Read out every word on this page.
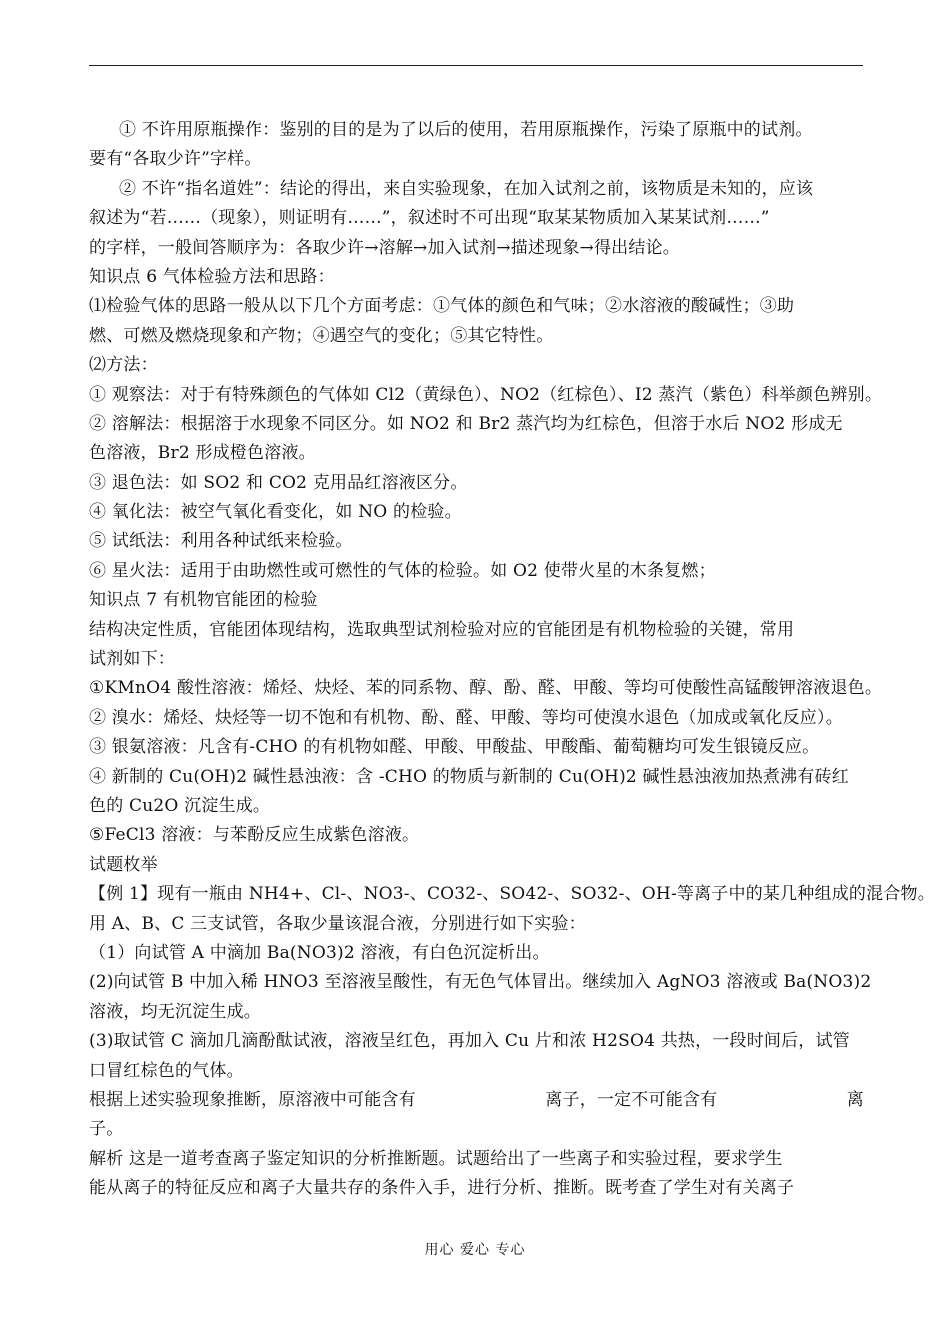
① 不许用原瓶操作：鉴别的目的是为了以后的使用，若用原瓶操作，污染了原瓶中的试剂。
要有“各取少许”字样。
② 不许“指名道姓”：结论的得出，来自实验现象，在加入试剂之前，该物质是未知的，应该
叙述为“若……（现象），则证明有……”，叙述时不可出现“取某某物质加入某某试剂……”
的字样，一般间答顺序为：各取少许→溶解→加入试剂→描述现象→得出结论。
知识点 6 气体检验方法和思路：
⑴检验气体的思路一般从以下几个方面考虑：①气体的颜色和气味；②水溶液的酸碱性；③助
燃、可燃及燃烧现象和产物；④遇空气的变化；⑤其它特性。
⑵方法：
① 观察法：对于有特殊颜色的气体如 Cl2（黄绿色）、NO2（红棕色）、I2 蒸汽（紫色）科举颜色辨别。
② 溶解法：根据溶于水现象不同区分。如 NO2 和 Br2 蒸汽均为红棕色，但溶于水后 NO2 形成无
色溶液，Br2 形成橙色溶液。
③ 退色法：如 SO2 和 CO2 克用品红溶液区分。
④ 氧化法：被空气氧化看变化，如 NO 的检验。
⑤ 试纸法：利用各种试纸来检验。
⑥ 星火法：适用于由助燃性或可燃性的气体的检验。如 O2 使带火星的木条复燃；
知识点 7 有机物官能团的检验
结构决定性质，官能团体现结构，选取典型试剂检验对应的官能团是有机物检验的关键，常用
试剂如下：
①KMnO4 酸性溶液：烯烃、炔烃、苯的同系物、醇、酚、醛、甲酸、等均可使酸性高锰酸钾溶液退色。
② 溴水：烯烃、炔烃等一切不饱和有机物、酚、醛、甲酸、等均可使溴水退色（加成或氧化反应）。
③ 银氨溶液：凡含有-CHO 的有机物如醛、甲酸、甲酸盐、甲酸酯、葡萄糖均可发生银镜反应。
④ 新制的 Cu(OH)2 碱性悬浊液：含 -CHO 的物质与新制的 Cu(OH)2 碱性悬浊液加热煮沸有砖红
色的 Cu2O 沉淀生成。
⑤FeCl3 溶液：与苯酚反应生成紫色溶液。
试题枚举
【例 1】现有一瓶由 NH4+、Cl-、NO3-、CO32-、SO42-、SO32-、OH-等离子中的某几种组成的混合物。
用 A、B、C 三支试管，各取少量该混合液，分别进行如下实验：
（1）向试管 A 中滴加 Ba(NO3)2 溶液，有白色沉淀析出。
(2)向试管 B 中加入稀 HNO3 至溶液呈酸性，有无色气体冒出。继续加入 AgNO3 溶液或 Ba(NO3)2
溶液，均无沉淀生成。
(3)取试管 C 滴加几滴酚酞试液，溶液呈红色，再加入 Cu 片和浓 H2SO4 共热，一段时间后，试管
口冒红棕色的气体。
根据上述实验现象推断，原溶液中可能含有	离子，一定不可能含有	离
子。
解析 这是一道考查离子鉴定知识的分析推断题。试题给出了一些离子和实验过程，要求学生
能从离子的特征反应和离子大量共存的条件入手，进行分析、推断。既考查了学生对有关离子
用心 爱心 专心
